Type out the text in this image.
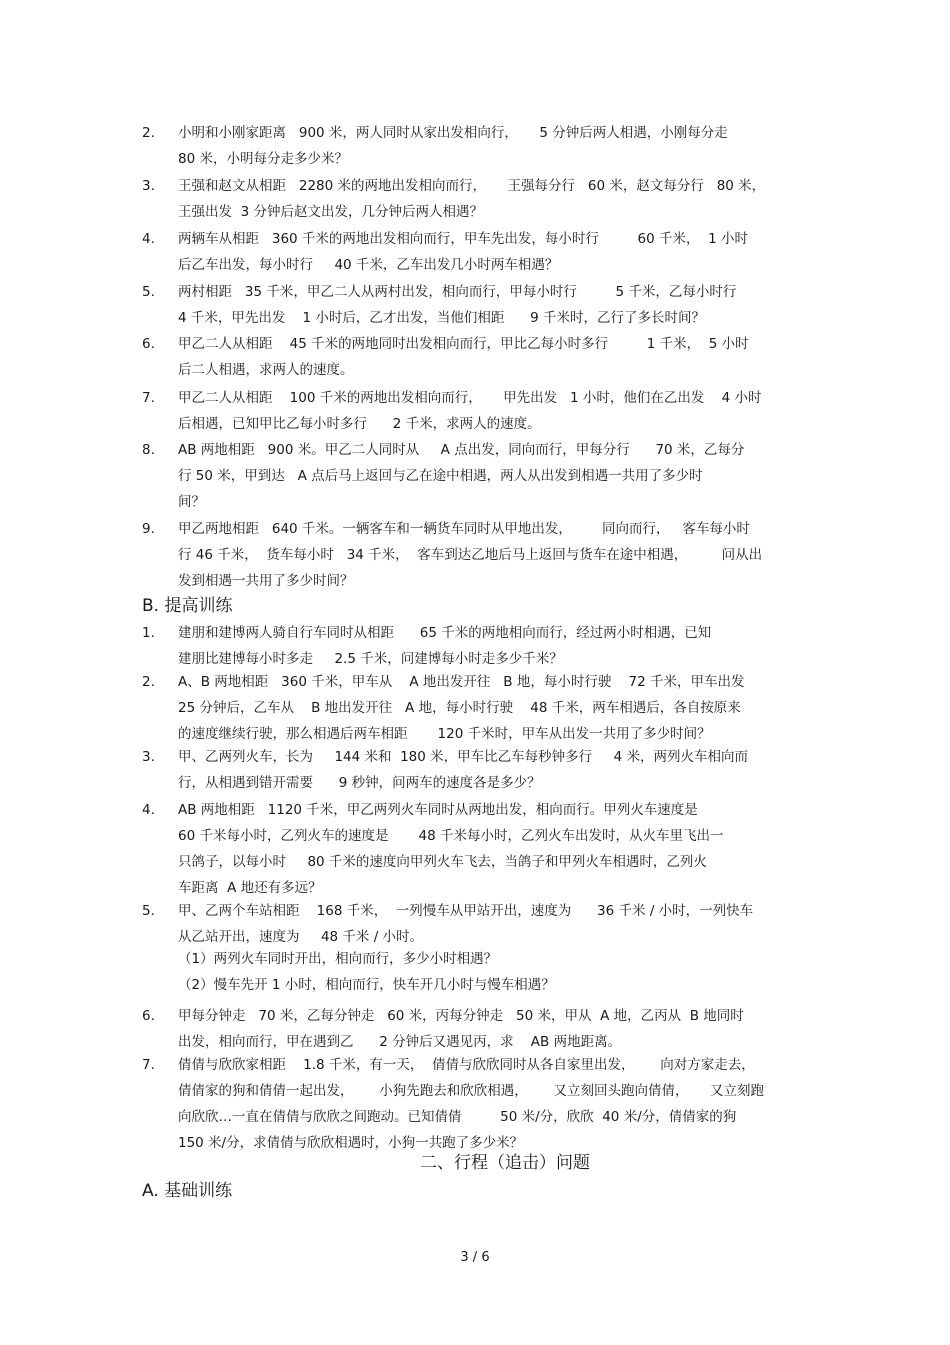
2. 小明和小刚家距离   900 米，两人同时从家出发相向行，     5 分钟后两人相遇，小刚每分走
80 米，小明每分走多少米？
3. 王强和赵文从相距   2280 米的两地出发相向而行，     王强每分行   60 米，赵文每分行   80 米，
王强出发  3 分钟后赵文出发，几分钟后两人相遇？
4. 两辆车从相距   360 千米的两地出发相向而行，甲车先出发，每小时行         60 千米，  1 小时
后乙车出发，每小时行     40 千米，乙车出发几小时两车相遇？
5. 两村相距   35 千米，甲乙二人从两村出发，相向而行，甲每小时行         5 千米，乙每小时行
4 千米，甲先出发    1 小时后，乙才出发，当他们相距      9 千米时，乙行了多长时间？
6. 甲乙二人从相距    45 千米的两地同时出发相向而行，甲比乙每小时多行         1 千米，  5 小时
后二人相遇，求两人的速度。
7. 甲乙二人从相距    100 千米的两地出发相向而行，     甲先出发   1 小时，他们在乙出发    4 小时
后相遇，已知甲比乙每小时多行      2 千米，求两人的速度。
8. AB 两地相距   900 米。甲乙二人同时从     A 点出发，同向而行，甲每分行      70 米，乙每分
行 50 米，甲到达   A 点后马上返回与乙在途中相遇，两人从出发到相遇一共用了多少时
间？
9. 甲乙两地相距   640 千米。一辆客车和一辆货车同时从甲地出发，       同向而行，   客车每小时
行 46 千米，  货车每小时   34 千米，  客车到达乙地后马上返回与货车在途中相遇，        问从出
发到相遇一共用了多少时间？
B. 提高训练
1. 建朋和建博两人骑自行车同时从相距      65 千米的两地相向而行，经过两小时相遇，已知
建朋比建博每小时多走     2.5 千米，问建博每小时走多少千米？
2. A、B 两地相距   360 千米，甲车从    A 地出发开往   B 地，每小时行驶    72 千米，甲车出发
25 分钟后，乙车从    B 地出发开往   A 地，每小时行驶    48 千米，两车相遇后，各自按原来
的速度继续行驶，那么相遇后两车相距       120 千米时，甲车从出发一共用了多少时间？
3. 甲、乙两列火车，长为     144 米和  180 米，甲车比乙车每秒钟多行     4 米，两列火车相向而
行，从相遇到错开需要      9 秒钟，问两车的速度各是多少？
4. AB 两地相距   1120 千米，甲乙两列火车同时从两地出发，相向而行。甲列火车速度是
60 千米每小时，乙列火车的速度是       48 千米每小时，乙列火车出发时，从火车里飞出一
只鸽子，以每小时     80 千米的速度向甲列火车飞去，当鸽子和甲列火车相遇时，乙列火
车距离  A 地还有多远？
5. 甲、乙两个车站相距    168 千米，  一列慢车从甲站开出，速度为      36 千米 / 小时，一列快车
从乙站开出，速度为     48 千米 / 小时。
（1）两列火车同时开出，相向而行，多少小时相遇？
（2）慢车先开 1 小时，相向而行，快车开几小时与慢车相遇？
6. 甲每分钟走   70 米，乙每分钟走   60 米，丙每分钟走   50 米，甲从  A 地，乙丙从  B 地同时
出发，相向而行，甲在遇到乙      2 分钟后又遇见丙，求    AB 两地距离。
7. 倩倩与欣欣家相距    1.8 千米，有一天，  倩倩与欣欣同时从各自家里出发，      向对方家走去，
倩倩家的狗和倩倩一起出发，      小狗先跑去和欣欣相遇，      又立刻回头跑向倩倩，     又立刻跑
向欣欣…一直在倩倩与欣欣之间跑动。已知倩倩         50 米/分，欣欣  40 米/分，倩倩家的狗
150 米/分，求倩倩与欣欣相遇时，小狗一共跑了多少米？
二、行程（追击）问题
A. 基础训练
3 / 6
